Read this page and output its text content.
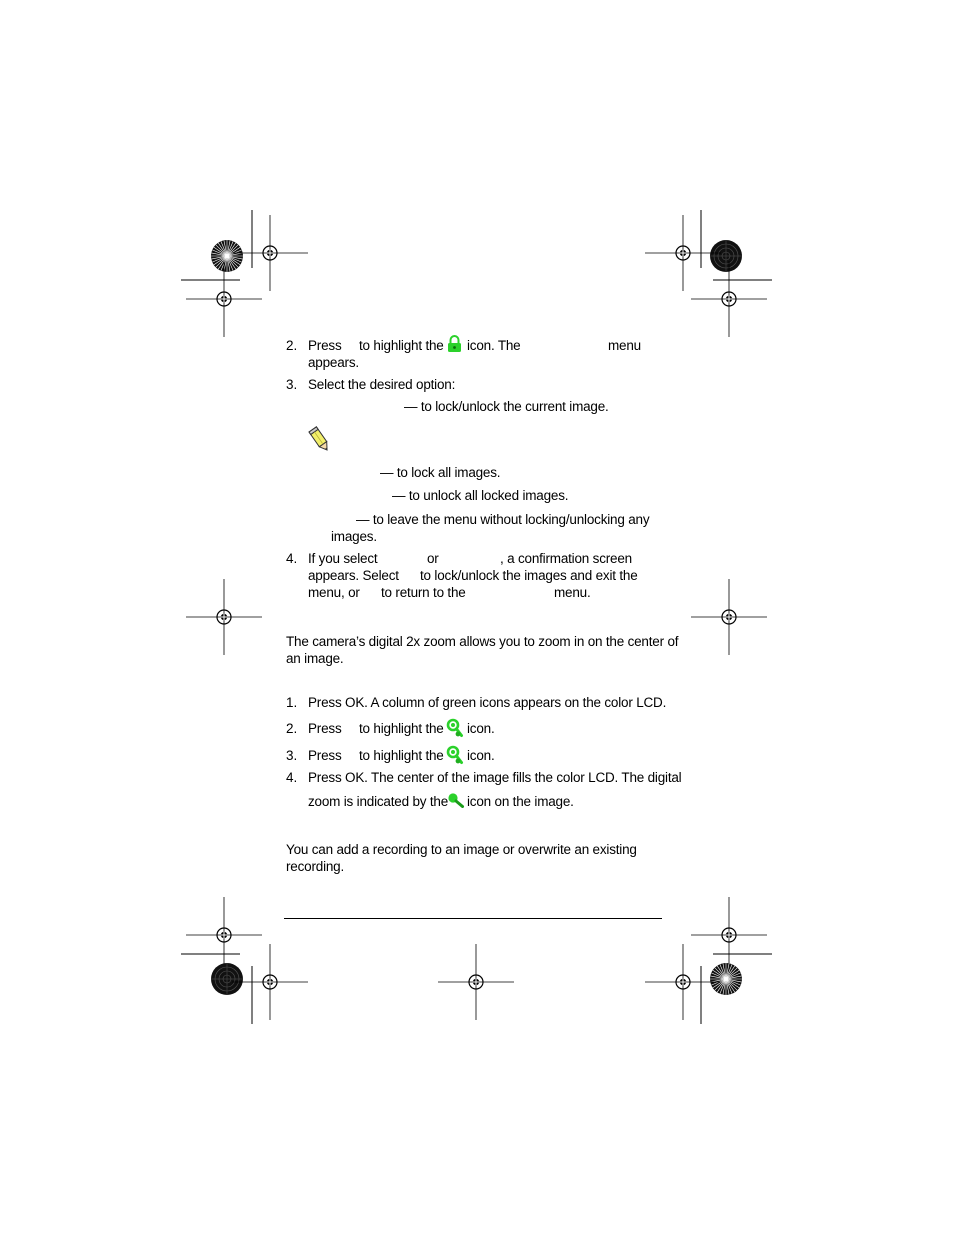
2. Press to highlight the icon. The	menu
appears.
3. Select the desired option:
— to lock/unlock the current image.
— to lock all images.
— to unlock all locked images.
— to leave the menu without locking/unlocking any
images.
4. If you select	or	, a confirmation screen
appears. Select to lock/unlock the images and exit the
menu, or to return to the	menu.
The camera’s digital 2x zoom allows you to zoom in on the center of
an image.
1. Press OK. A column of green icons appears on the color LCD.
2. Press to highlight the icon.
3. Press to highlight the icon.
4. Press OK. The center of the image fills the color LCD. The digital
zoom is indicated by the icon on the image.
You can add a recording to an image or overwrite an existing
recording.
